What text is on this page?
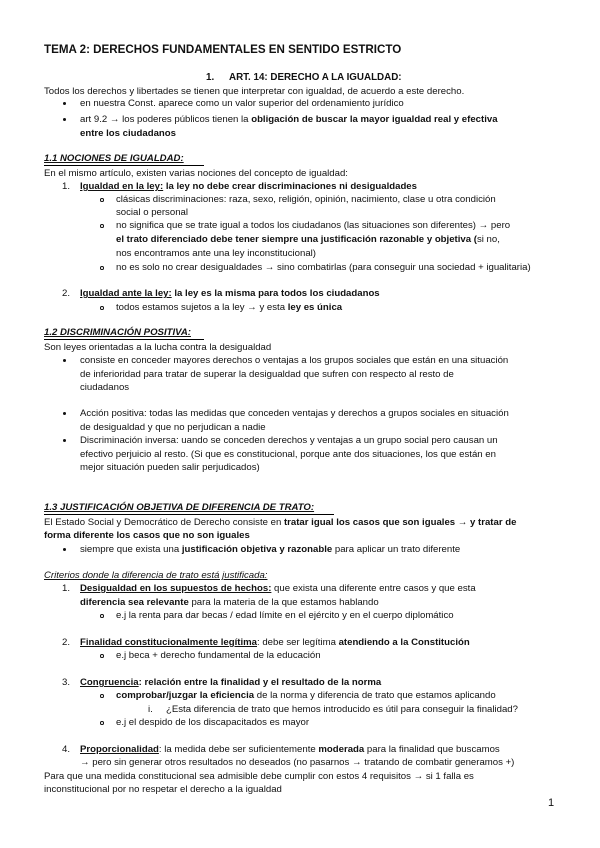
TEMA 2: DERECHOS FUNDAMENTALES EN SENTIDO ESTRICTO
1. ART. 14: DERECHO A LA IGUALDAD:
Todos los derechos y libertades se tienen que interpretar con igualdad, de acuerdo a este derecho.
en nuestra Const. aparece como un valor superior del ordenamiento jurídico
art 9.2 → los poderes públicos tienen la obligación de buscar la mayor igualdad real y efectiva
entre los ciudadanos
1.1 NOCIONES DE IGUALDAD:
En el mismo artículo, existen varias nociones del concepto de igualdad:
1. Igualdad en la ley: la ley no debe crear discriminaciones ni desigualdades
clásicas discriminaciones: raza, sexo, religión, opinión, nacimiento, clase u otra condición
social o personal
no significa que se trate igual a todos los ciudadanos (las situaciones son diferentes) → pero
el trato diferenciado debe tener siempre una justificación razonable y objetiva (si no,
nos encontramos ante una ley inconstitucional)
no es solo no crear desigualdades → sino combatirlas (para conseguir una sociedad + igualitaria)
2. Igualdad ante la ley: la ley es la misma para todos los ciudadanos
todos estamos sujetos a la ley → y esta ley es única
1.2 DISCRIMINACIÓN POSITIVA:
Son leyes orientadas a la lucha contra la desigualdad
consiste en conceder mayores derechos o ventajas a los grupos sociales que están en una situación
de inferioridad para tratar de superar la desigualdad que sufren con respecto al resto de
ciudadanos
Acción positiva: todas las medidas que conceden ventajas y derechos a grupos sociales en situación
de desigualdad y que no perjudican a nadie
Discriminación inversa: uando se conceden derechos y ventajas a un grupo social pero causan un
efectivo perjuicio al resto. (Si que es constitucional, porque ante dos situaciones, los que están en
mejor situación pueden salir perjudicados)
1.3 JUSTIFICACIÓN OBJETIVA DE DIFERENCIA DE TRATO:
El Estado Social y Democrático de Derecho consiste en tratar igual los casos que son iguales → y tratar de
forma diferente los casos que no son iguales
siempre que exista una justificación objetiva y razonable para aplicar un trato diferente
Criterios donde la diferencia de trato está justificada:
1. Desigualdad en los supuestos de hechos: que exista una diferente entre casos y que esta
diferencia sea relevante para la materia de la que estamos hablando
e.j la renta para dar becas / edad límite en el ejército y en el cuerpo diplomático
2. Finalidad constitucionalmente legítima: debe ser legítima atendiendo a la Constitución
e.j beca + derecho fundamental de la educación
3. Congruencia: relación entre la finalidad y el resultado de la norma
comprobar/juzgar la eficiencia de la norma y diferencia de trato que estamos aplicando
i. ¿Esta diferencia de trato que hemos introducido es útil para conseguir la finalidad?
e.j el despido de los discapacitados es mayor
4. Proporcionalidad: la medida debe ser suficientemente moderada para la finalidad que buscamos
→ pero sin generar otros resultados no deseados (no pasarnos → tratando de combatir generamos +)
Para que una medida constitucional sea admisible debe cumplir con estos 4 requisitos → si 1 falla es
inconstitucional por no respetar el derecho a la igualdad
1
